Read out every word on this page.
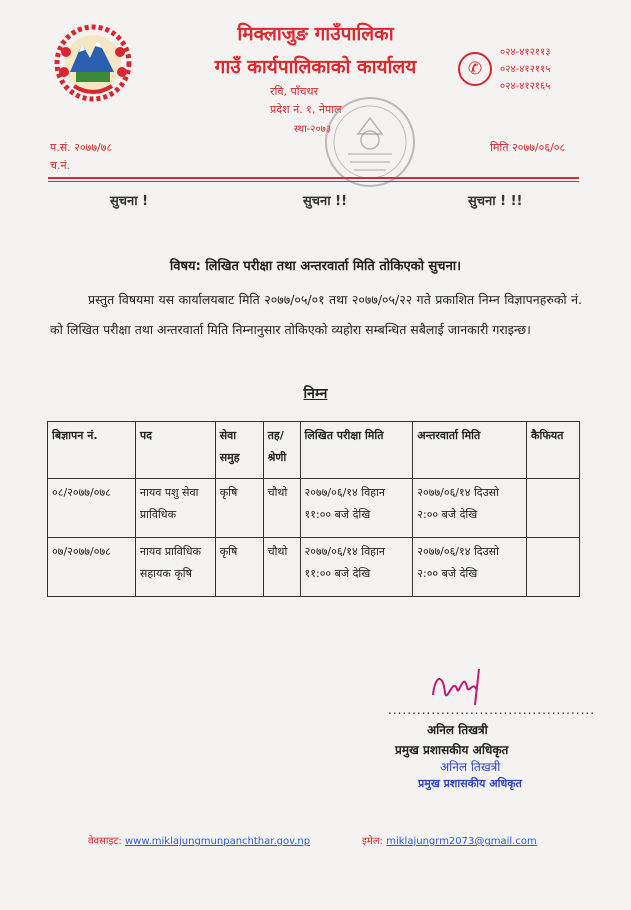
मिक्लाजुङ गाउँपालिका
गाउँ कार्यपालिकाको कार्यालय
रवि, पाँचथर
प्रदेश नं. १, नेपाल
स्था-२०७३
✆
०२४-४१२११३
०२४-४१२११५
०२४-४१२१६५
प.सं. २०७७/७८
च.नं.
मिति २०७७/०६/०८
सुचना !	सुचना !!	सुचना ! !!
विषय: लिखित परीक्षा तथा अन्तरवार्ता मिति तोकिएको सुचना।

प्रस्तुत विषयमा यस कार्यालयबाट मिति २०७७/०५/०१ तथा २०७७/०५/२२ गते प्रकाशित निम्न विज्ञापनहरुको नं. को लिखित परीक्षा तथा अन्तरवार्ता मिति निम्नानुसार तोकिएको व्यहोरा सम्बन्धित सबैलाई जानकारी गराइन्छ।

निम्न
बिज्ञापन नं.	पद	सेवा समुह	तह/ श्रेणी	लिखित परीक्षा मिति	अन्तरवार्ता मिति	कैफियत
०८/२०७७/०७८	नायव पशु सेवा प्राविधिक	कृषि	चौथो	२०७७/०६/१४ विहान ११:०० बजे देखि	२०७७/०६/१४ दिउसो २:०० बजे देखि	
०७/२०७७/०७८	नायव प्राविधिक सहायक कृषि	कृषि	चौथो	२०७७/०६/१४ विहान ११:०० बजे देखि	२०७७/०६/१४ दिउसो २:०० बजे देखि	
...........................................
अनिल तिखत्री
प्रमुख प्रशासकीय अधिकृत
अनिल तिखत्री
प्रमुख प्रशासकीय अधिकृत
वेवसाइट: www.miklajungmunpanchthar.gov.np	इमेल: miklajungrm2073@gmail.com
